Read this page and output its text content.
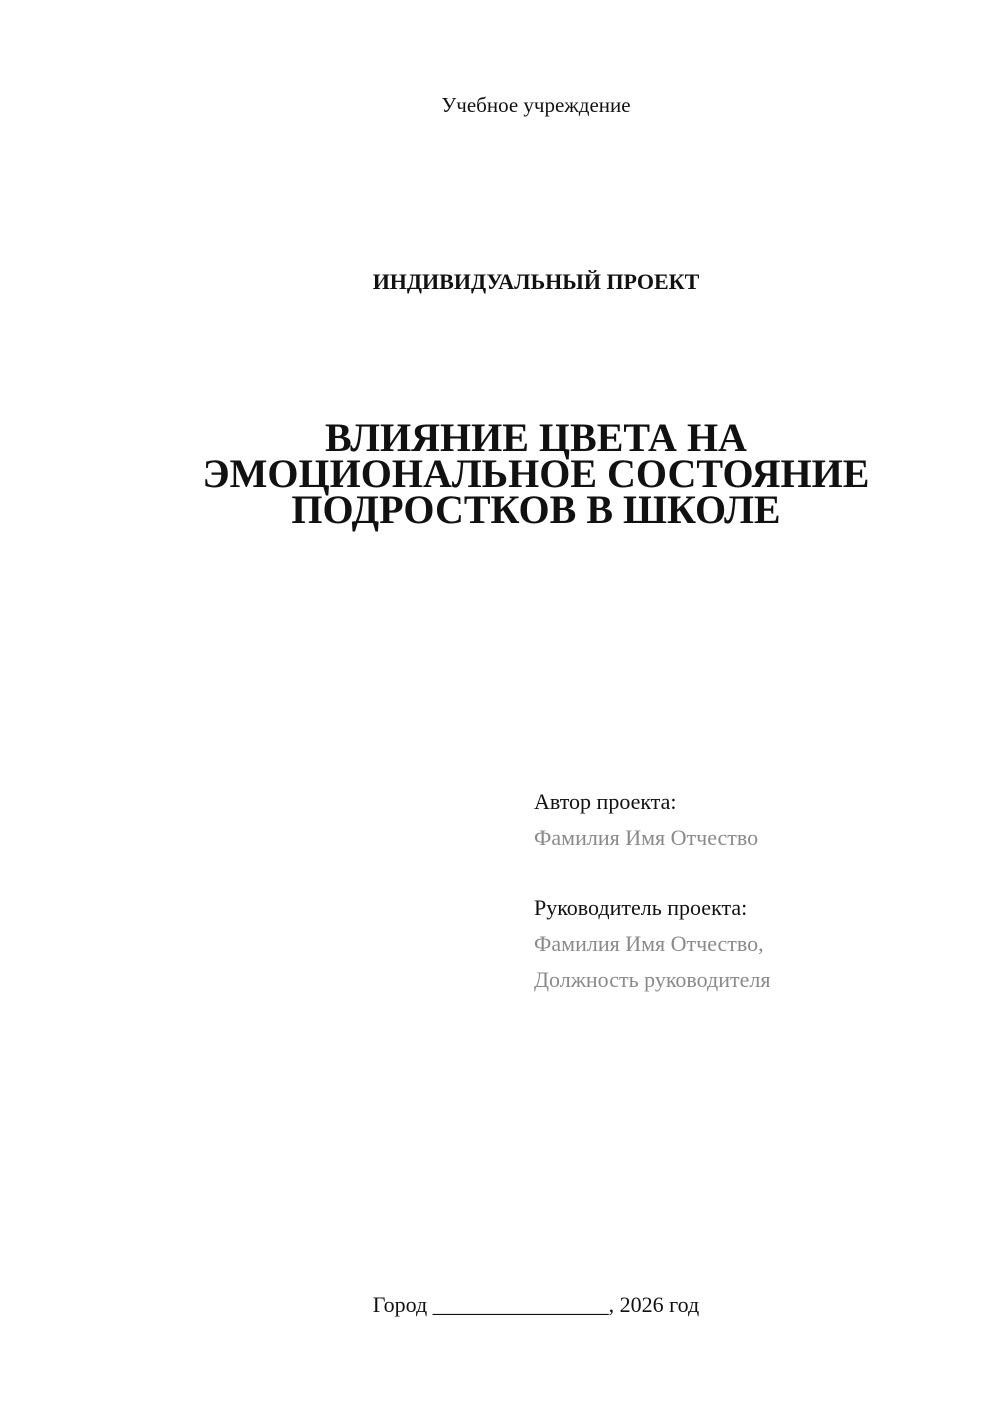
Учебное учреждение
ИНДИВИДУАЛЬНЫЙ ПРОЕКТ
ВЛИЯНИЕ ЦВЕТА НА
ЭМОЦИОНАЛЬНОЕ СОСТОЯНИЕ
ПОДРОСТКОВ В ШКОЛЕ
Автор проекта:
Фамилия Имя Отчество
Руководитель проекта:
Фамилия Имя Отчество,
Должность руководителя
Город ________________, 2026 год
